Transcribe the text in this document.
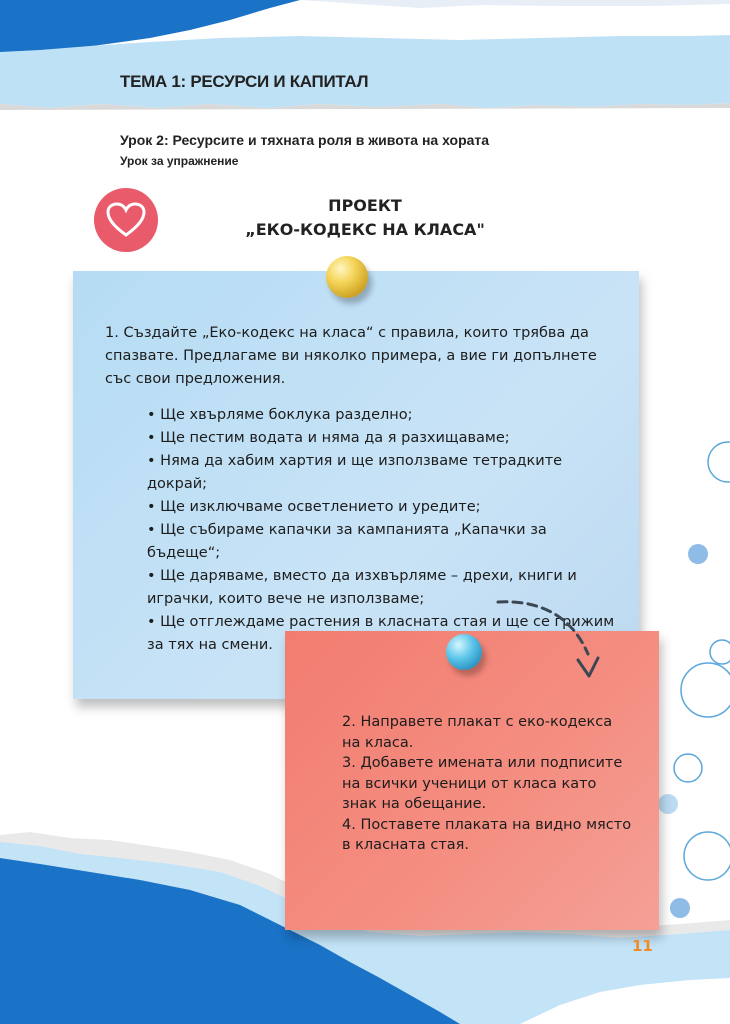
ТЕМА 1: РЕСУРСИ И КАПИТАЛ
Урок 2: Ресурсите и тяхната роля в живота на хората
Урок за упражнение
ПРОЕКТ
„ЕКО-КОДЕКС НА КЛАСА"
1. Създайте „Еко-кодекс на класа“ с правила, които трябва да спазвате. Предлагаме ви няколко примера, а вие ги допълнете със свои предложения.
• Ще хвърляме боклука разделно;
• Ще пестим водата и няма да я разхищаваме;
• Няма да хабим хартия и ще използваме тетрадките докрай;
• Ще изключваме осветлението и уредите;
• Ще събираме капачки за кампанията „Капачки за бъдеще“;
• Ще даряваме, вместо да изхвърляме – дрехи, книги и играчки, които вече не използваме;
• Ще отглеждаме растения в класната стая и ще се грижим за тях на смени.
2. Направете плакат с еко-кодекса на класа.
3. Добавете имената или подписите на всички ученици от класа като знак на обещание.
4. Поставете плаката на видно място в класната стая.
11
